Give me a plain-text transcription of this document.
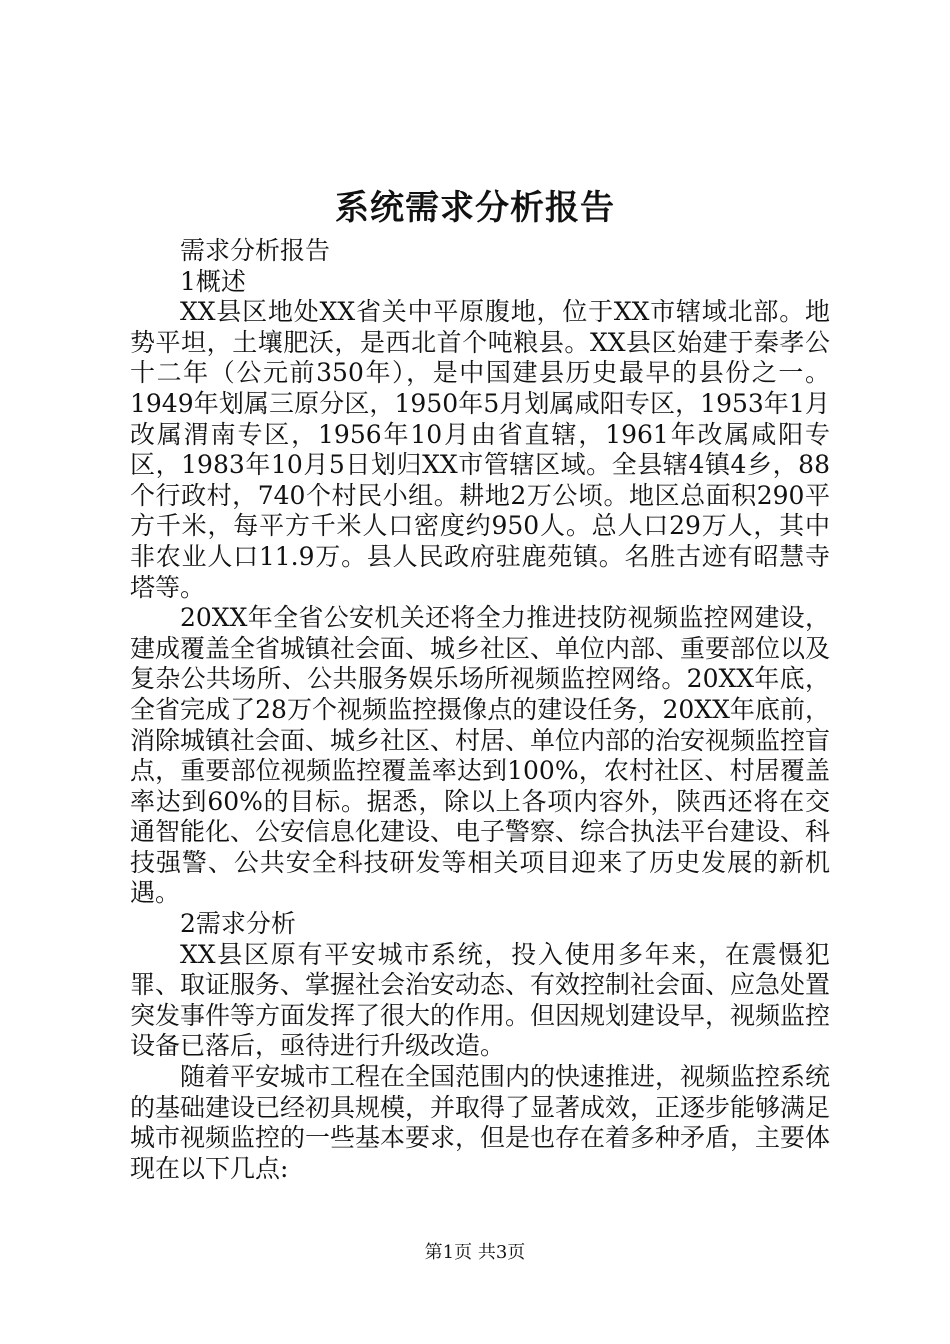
系统需求分析报告

需求分析报告

1概述

XX县区地处XX省关中平原腹地，位于XX市辖域北部。地势平坦，土壤肥沃，是西北首个吨粮县。XX县区始建于秦孝公十二年（公元前350年），是中国建县历史最早的县份之一。1949年划属三原分区，1950年5月划属咸阳专区，1953年1月改属渭南专区，1956年10月由省直辖，1961年改属咸阳专区，1983年10月5日划归XX市管辖区域。全县辖4镇4乡，88个行政村，740个村民小组。耕地2万公顷。地区总面积290平方千米，每平方千米人口密度约950人。总人口29万人，其中非农业人口11.9万。县人民政府驻鹿苑镇。名胜古迹有昭慧寺塔等。

20XX年全省公安机关还将全力推进技防视频监控网建设，建成覆盖全省城镇社会面、城乡社区、单位内部、重要部位以及复杂公共场所、公共服务娱乐场所视频监控网络。20XX年底，全省完成了28万个视频监控摄像点的建设任务，20XX年底前，消除城镇社会面、城乡社区、村居、单位内部的治安视频监控盲点，重要部位视频监控覆盖率达到100%，农村社区、村居覆盖率达到60%的目标。据悉，除以上各项内容外，陕西还将在交通智能化、公安信息化建设、电子警察、综合执法平台建设、科技强警、公共安全科技研发等相关项目迎来了历史发展的新机遇。

2需求分析

XX县区原有平安城市系统，投入使用多年来，在震慑犯罪、取证服务、掌握社会治安动态、有效控制社会面、应急处置突发事件等方面发挥了很大的作用。但因规划建设早，视频监控设备已落后，亟待进行升级改造。

随着平安城市工程在全国范围内的快速推进，视频监控系统的基础建设已经初具规模，并取得了显著成效，正逐步能够满足城市视频监控的一些基本要求，但是也存在着多种矛盾，主要体现在以下几点:

第1页 共3页
